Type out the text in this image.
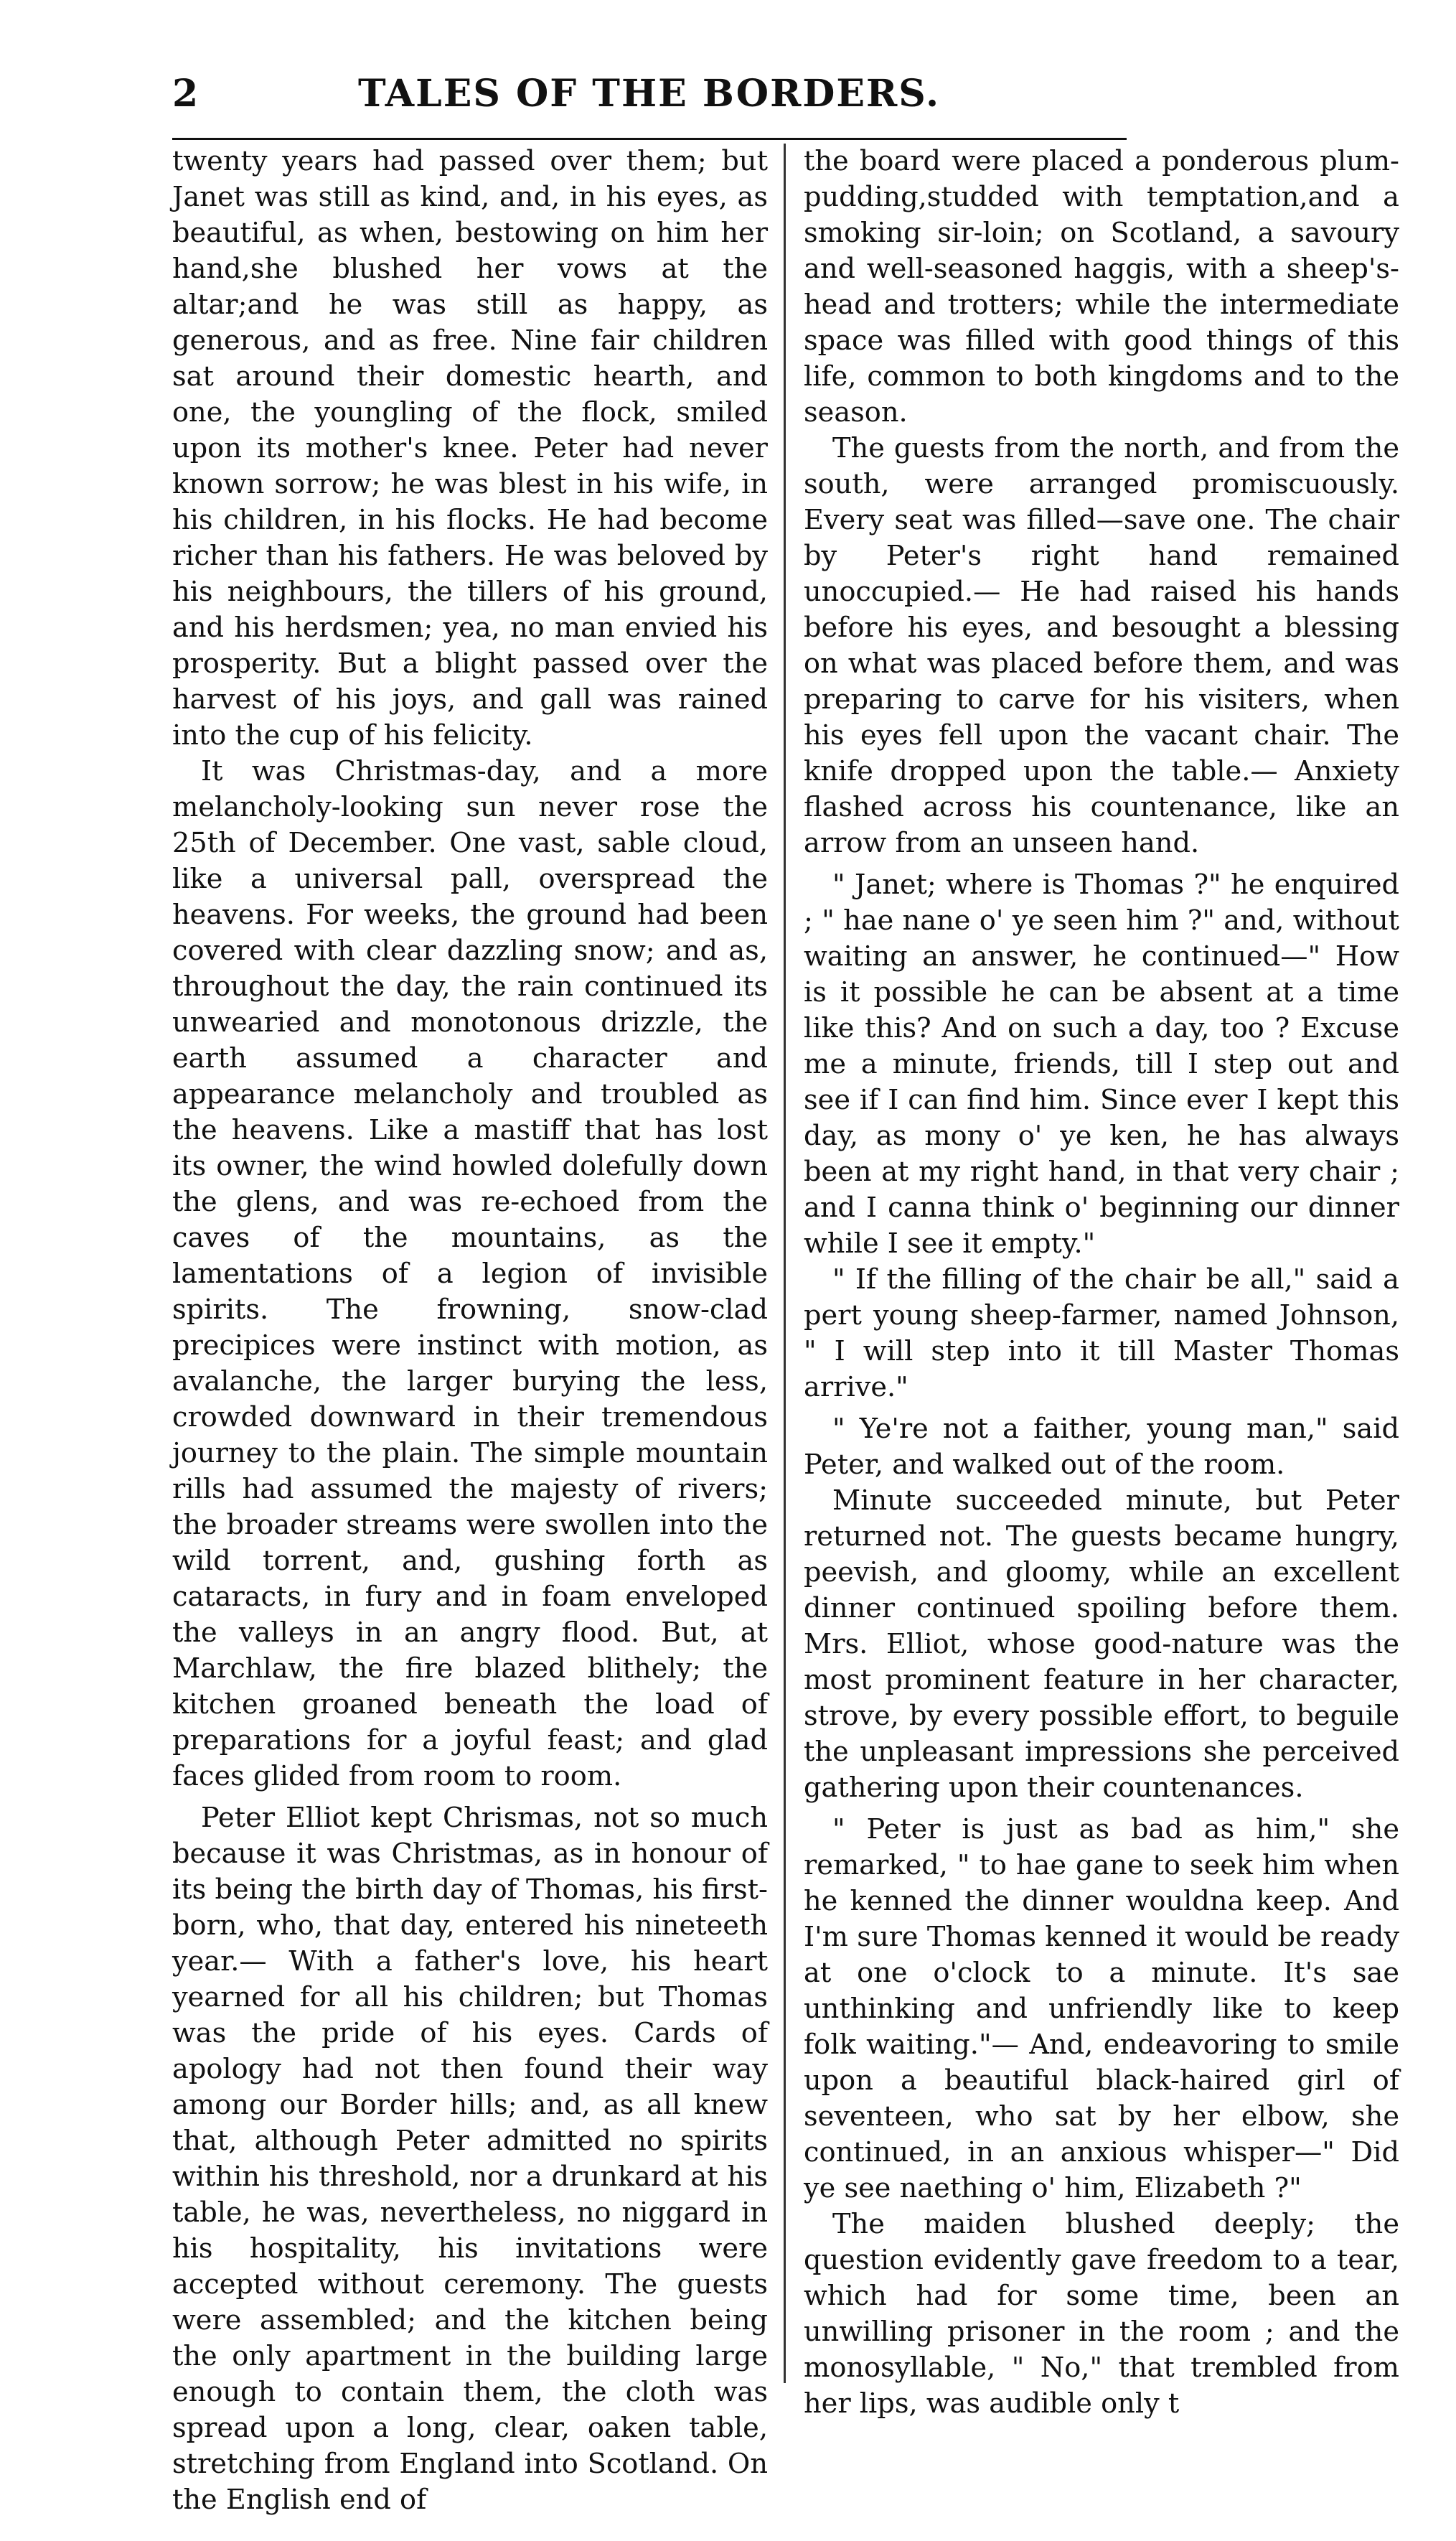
2	TALES OF THE BORDERS.

twenty years had passed over them; but Janet was still as kind, and, in his eyes, as beautiful, as when, bestowing on him her hand,she blushed her vows at the altar;and he was still as happy, as generous, and as free. Nine fair children sat around their domestic hearth, and one, the youngling of the flock, smiled upon its mother's knee. Peter had never known sorrow; he was blest in his wife, in his children, in his flocks. He had become richer than his fathers. He was beloved by his neighbours, the tillers of his ground, and his herdsmen; yea, no man envied his prosperity. But a blight passed over the harvest of his joys, and gall was rained into the cup of his felicity.

It was Christmas-day, and a more melancholy-looking sun never rose the 25th of December. One vast, sable cloud, like a universal pall, overspread the heavens. For weeks, the ground had been covered with clear dazzling snow; and as, throughout the day, the rain continued its unwearied and monotonous drizzle, the earth assumed a character and appearance melancholy and troubled as the heavens. Like a mastiff that has lost its owner, the wind howled dolefully down the glens, and was re-echoed from the caves of the mountains, as the lamentations of a legion of invisible spirits. The frowning, snow-clad precipices were instinct with motion, as avalanche, the larger burying the less, crowded downward in their tremendous journey to the plain. The simple mountain rills had assumed the majesty of rivers; the broader streams were swollen into the wild torrent, and, gushing forth as cataracts, in fury and in foam enveloped the valleys in an angry flood. But, at Marchlaw, the fire blazed blithely; the kitchen groaned beneath the load of preparations for a joyful feast; and glad faces glided from room to room.

Peter Elliot kept Chrismas, not so much because it was Christmas, as in honour of its being the birth day of Thomas, his first-born, who, that day, entered his nineteeth year.— With a father's love, his heart yearned for all his children; but Thomas was the pride of his eyes. Cards of apology had not then found their way among our Border hills; and, as all knew that, although Peter admitted no spirits within his threshold, nor a drunkard at his table, he was, nevertheless, no niggard in his hospitality, his invitations were accepted without ceremony. The guests were assembled; and the kitchen being the only apartment in the building large enough to contain them, the cloth was spread upon a long, clear, oaken table, stretching from England into Scotland. On the English end of

the board were placed a ponderous plum-pudding,studded with temptation,and a smoking sir-loin; on Scotland, a savoury and well-seasoned haggis, with a sheep's-head and trotters; while the intermediate space was filled with good things of this life, common to both kingdoms and to the season.

The guests from the north, and from the south, were arranged promiscuously. Every seat was filled—save one. The chair by Peter's right hand remained unoccupied.— He had raised his hands before his eyes, and besought a blessing on what was placed before them, and was preparing to carve for his visiters, when his eyes fell upon the vacant chair. The knife dropped upon the table.— Anxiety flashed across his countenance, like an arrow from an unseen hand.

" Janet; where is Thomas ?" he enquired ; " hae nane o' ye seen him ?" and, without waiting an answer, he continued—" How is it possible he can be absent at a time like this? And on such a day, too ? Excuse me a minute, friends, till I step out and see if I can find him. Since ever I kept this day, as mony o' ye ken, he has always been at my right hand, in that very chair ; and I canna think o' beginning our dinner while I see it empty."

" If the filling of the chair be all," said a pert young sheep-farmer, named Johnson, " I will step into it till Master Thomas arrive."

" Ye're not a faither, young man," said Peter, and walked out of the room.

Minute succeeded minute, but Peter returned not. The guests became hungry, peevish, and gloomy, while an excellent dinner continued spoiling before them. Mrs. Elliot, whose good-nature was the most prominent feature in her character, strove, by every possible effort, to beguile the unpleasant impressions she perceived gathering upon their countenances.

" Peter is just as bad as him," she remarked, " to hae gane to seek him when he kenned the dinner wouldna keep. And I'm sure Thomas kenned it would be ready at one o'clock to a minute. It's sae unthinking and unfriendly like to keep folk waiting."— And, endeavoring to smile upon a beautiful black-haired girl of seventeen, who sat by her elbow, she continued, in an anxious whisper—" Did ye see naething o' him, Elizabeth ?"

The maiden blushed deeply; the question evidently gave freedom to a tear, which had for some time, been an unwilling prisoner in the room ; and the monosyllable, " No," that trembled from her lips, was audible only t
